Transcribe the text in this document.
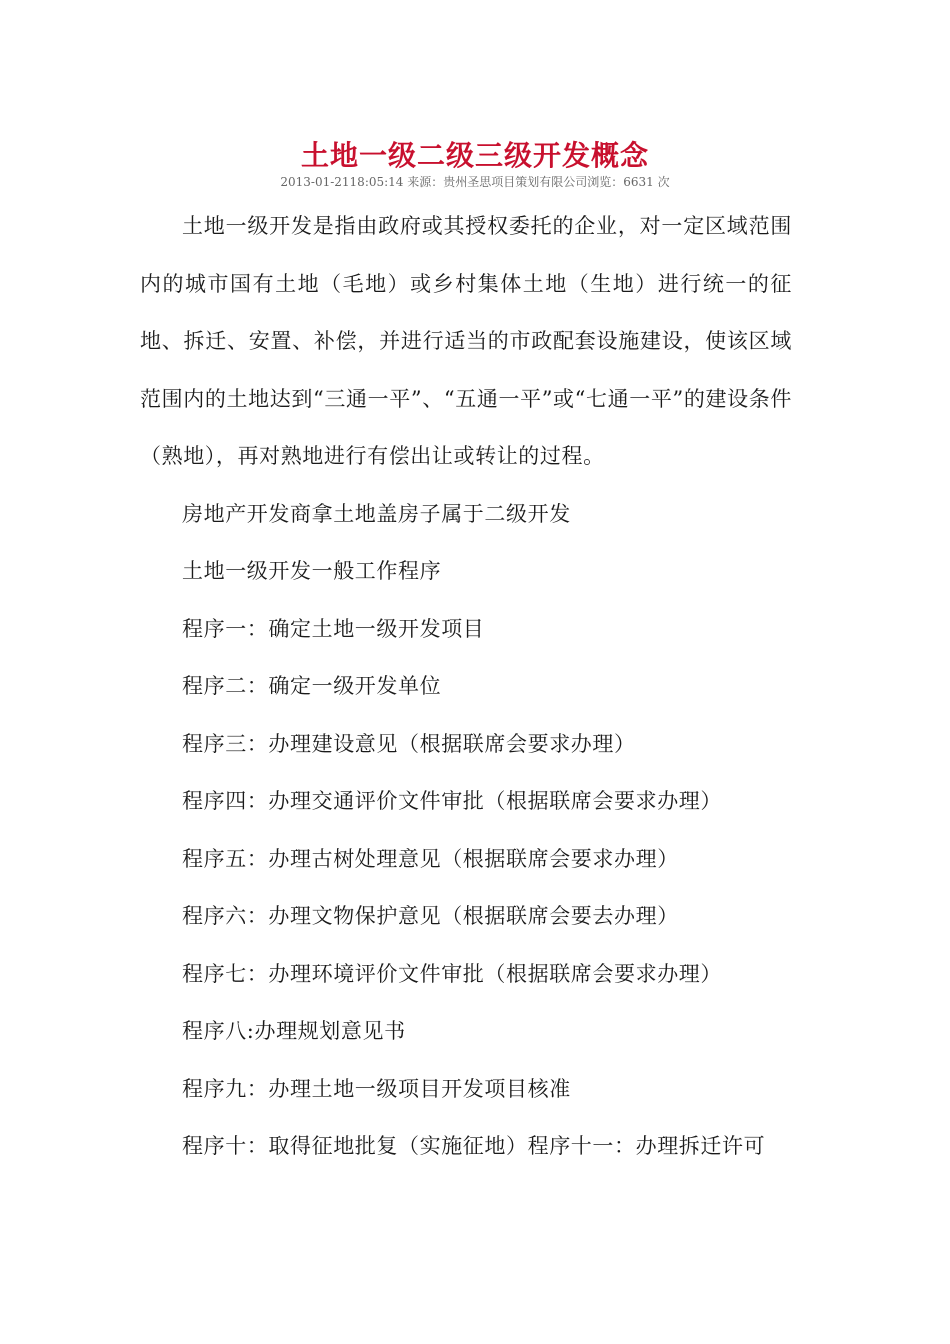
土地一级二级三级开发概念
2013-01-2118:05:14 来源：贵州圣思项目策划有限公司浏览：6631 次

土地一级开发是指由政府或其授权委托的企业，对一定区域范围内的城市国有土地（毛地）或乡村集体土地（生地）进行统一的征地、拆迁、安置、补偿，并进行适当的市政配套设施建设，使该区域范围内的土地达到“三通一平”、“五通一平”或“七通一平”的建设条件（熟地），再对熟地进行有偿出让或转让的过程。

房地产开发商拿土地盖房子属于二级开发

土地一级开发一般工作程序

程序一：确定土地一级开发项目

程序二：确定一级开发单位

程序三：办理建设意见（根据联席会要求办理）

程序四：办理交通评价文件审批（根据联席会要求办理）

程序五：办理古树处理意见（根据联席会要求办理）

程序六：办理文物保护意见（根据联席会要去办理）

程序七：办理环境评价文件审批（根据联席会要求办理）

程序八:办理规划意见书

程序九：办理土地一级项目开发项目核准

程序十：取得征地批复（实施征地）程序十一：办理拆迁许可
